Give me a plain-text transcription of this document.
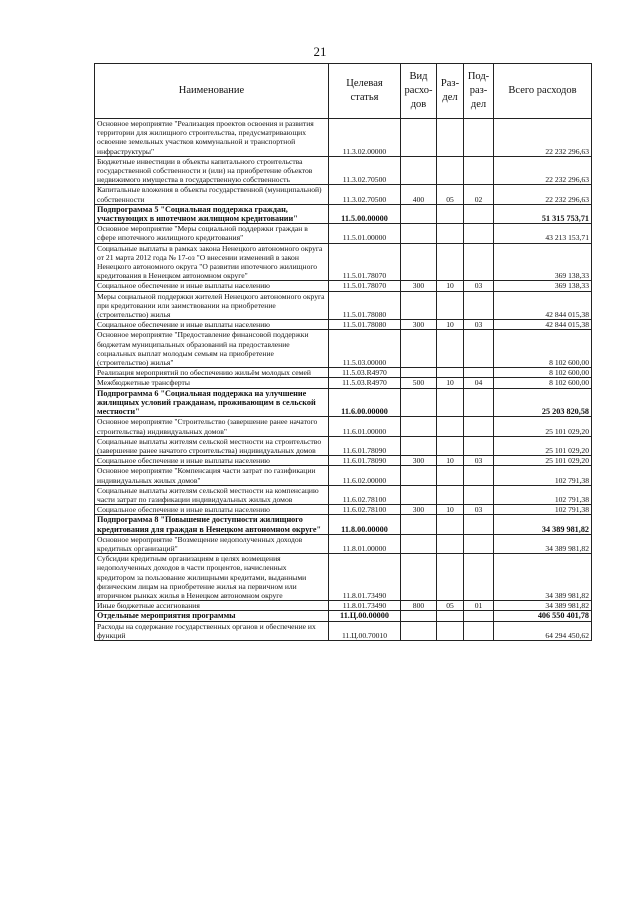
21
Наименование	Целевая статья	Вид расхо-дов	Раз-дел	Под-раз-дел	Всего расходов
Основное мероприятие "Реализация проектов освоения и развития территории для жилищного строительства, предусматривающих освоение земельных участков коммунальной и транспортной инфраструктуры"	11.3.02.00000				22 232 296,63
Бюджетные инвестиции в объекты капитального строительства государственной собственности и (или) на приобретение объектов недвижимого имущества в государственную собственность	11.3.02.70500				22 232 296,63
Капитальные вложения в объекты государственной (муниципальной) собственности	11.3.02.70500	400	05	02	22 232 296,63
Подпрограмма 5 "Социальная поддержка граждан, участвующих в ипотечном жилищном кредитовании"	11.5.00.00000				51 315 753,71
Основное мероприятие "Меры социальной поддержки граждан в сфере ипотечного жилищного кредитования"	11.5.01.00000				43 213 153,71
Социальные выплаты в рамках закона Ненецкого автономного округа от 21 марта 2012 года № 17-оз "О внесении изменений в закон Ненецкого автономного округа "О развитии ипотечного жилищного кредитования в Ненецком автономном округе"	11.5.01.78070				369 138,33
Социальное обеспечение и иные выплаты населению	11.5.01.78070	300	10	03	369 138,33
Меры социальной поддержки жителей Ненецкого автономного округа при кредитовании или заимствовании на приобретение (строительство) жилья	11.5.01.78080				42 844 015,38
Социальное обеспечение и иные выплаты населению	11.5.01.78080	300	10	03	42 844 015,38
Основное мероприятие "Предоставление финансовой поддержки бюджетам муниципальных образований на предоставление социальных выплат молодым семьям на приобретение (строительство) жилья"	11.5.03.00000				8 102 600,00
Реализация мероприятий по обеспечению жильём молодых семей	11.5.03.R4970				8 102 600,00
Межбюджетные трансферты	11.5.03.R4970	500	10	04	8 102 600,00
Подпрограмма 6 "Социальная поддержка на улучшение жилищных условий гражданам, проживающим в сельской местности"	11.6.00.00000				25 203 820,58
Основное мероприятие "Строительство (завершение ранее начатого строительства) индивидуальных домов"	11.6.01.00000				25 101 029,20
Социальные выплаты жителям сельской местности на строительство (завершение ранее начатого строительства) индивидуальных домов	11.6.01.78090				25 101 029,20
Социальное обеспечение и иные выплаты населению	11.6.01.78090	300	10	03	25 101 029,20
Основное мероприятие "Компенсация части затрат по газификации индивидуальных жилых домов"	11.6.02.00000				102 791,38
Социальные выплаты жителям сельской местности на компенсацию части затрат по газификации индивидуальных жилых домов	11.6.02.78100				102 791,38
Социальное обеспечение и иные выплаты населению	11.6.02.78100	300	10	03	102 791,38
Подпрограмма 8 "Повышение доступности жилищного кредитования для граждан в Ненецком автономном округе"	11.8.00.00000				34 389 981,82
Основное мероприятие "Возмещение недополученных доходов кредитных организаций"	11.8.01.00000				34 389 981,82
Субсидии кредитным организациям в целях возмещения недополученных доходов в части процентов, начисленных кредитором за пользование жилищными кредитами, выданными физическим лицам на приобретение жилья на первичном или вторичном рынках жилья в Ненецком автономном округе	11.8.01.73490				34 389 981,82
Иные бюджетные ассигнования	11.8.01.73490	800	05	01	34 389 981,82
Отдельные мероприятия программы	11.Ц.00.00000				406 550 401,78
Расходы на содержание государственных органов и обеспечение их функций	11.Ц.00.70010				64 294 450,62
